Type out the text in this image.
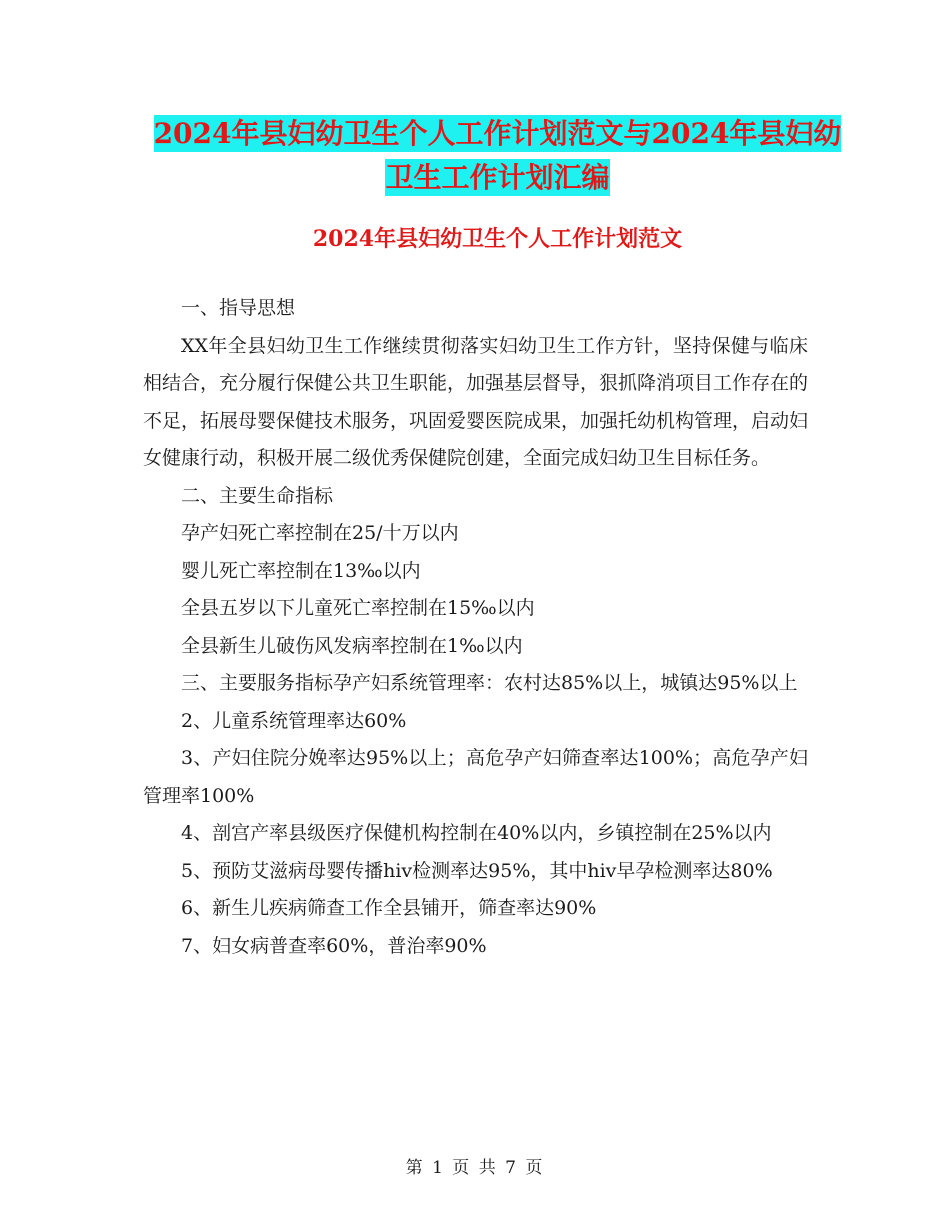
2024年县妇幼卫生个人工作计划范文与2024年县妇幼
卫生工作计划汇编
2024年县妇幼卫生个人工作计划范文

一、指导思想

XX年全县妇幼卫生工作继续贯彻落实妇幼卫生工作方针，坚持保健与临床相结合，充分履行保健公共卫生职能，加强基层督导，狠抓降消项目工作存在的不足，拓展母婴保健技术服务，巩固爱婴医院成果，加强托幼机构管理，启动妇女健康行动，积极开展二级优秀保健院创建，全面完成妇幼卫生目标任务。

二、主要生命指标

孕产妇死亡率控制在25/十万以内

婴儿死亡率控制在13‰以内

全县五岁以下儿童死亡率控制在15‰以内

全县新生儿破伤风发病率控制在1‰以内

三、主要服务指标孕产妇系统管理率：农村达85%以上，城镇达95%以上

2、儿童系统管理率达60%

3、产妇住院分娩率达95%以上；高危孕产妇筛查率达100%；高危孕产妇管理率100%

4、剖宫产率县级医疗保健机构控制在40%以内，乡镇控制在25%以内

5、预防艾滋病母婴传播hiv检测率达95%，其中hiv早孕检测率达80%

6、新生儿疾病筛查工作全县铺开，筛查率达90%

7、妇女病普查率60%，普治率90%

第 1 页 共 7 页
